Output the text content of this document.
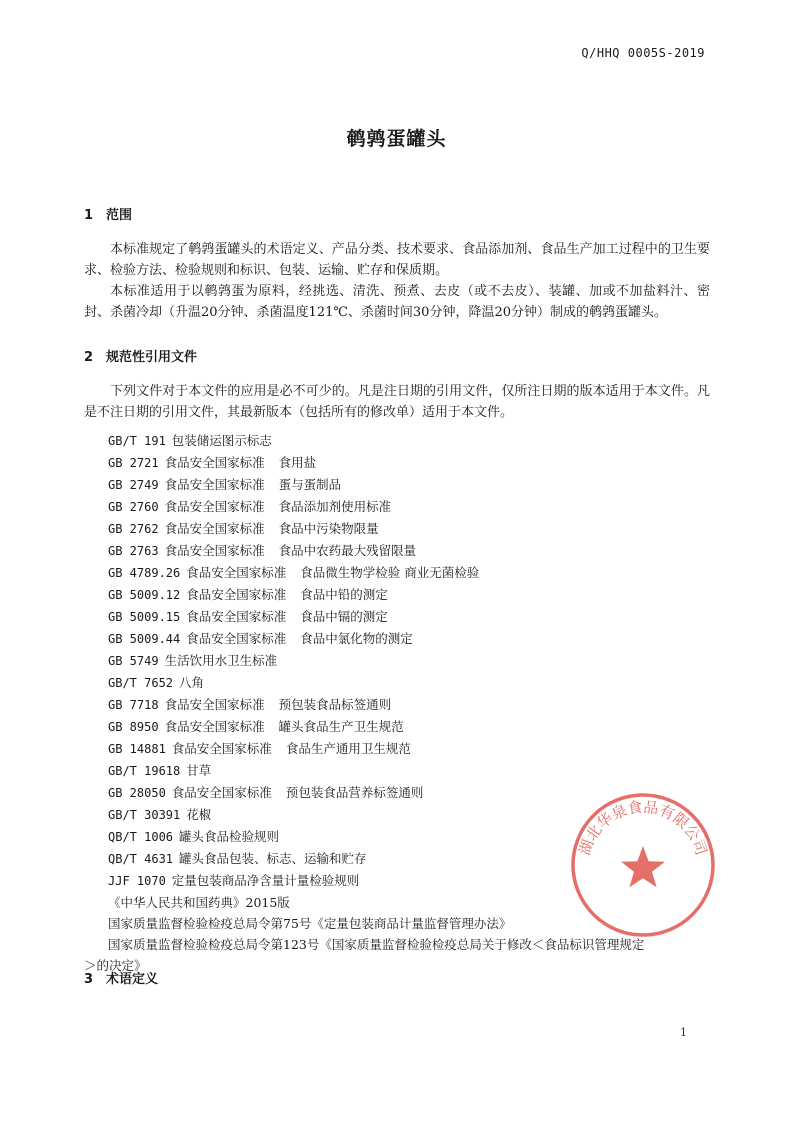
Q/HHQ 0005S-2019
鹌鹑蛋罐头
1 范围

本标准规定了鹌鹑蛋罐头的术语定义、产品分类、技术要求、食品添加剂、食品生产加工过程中的卫生要求、检验方法、检验规则和标识、包装、运输、贮存和保质期。

本标准适用于以鹌鹑蛋为原料，经挑选、清洗、预煮、去皮（或不去皮）、装罐、加或不加盐料汁、密封、杀菌冷却（升温20分钟、杀菌温度121℃、杀菌时间30分钟，降温20分钟）制成的鹌鹑蛋罐头。

2 规范性引用文件

下列文件对于本文件的应用是必不可少的。凡是注日期的引用文件，仅所注日期的版本适用于本文件。凡是不注日期的引用文件，其最新版本（包括所有的修改单）适用于本文件。

GB/T 191 包装储运图示标志
GB 2721 食品安全国家标准 食用盐
GB 2749 食品安全国家标准 蛋与蛋制品
GB 2760 食品安全国家标准 食品添加剂使用标准
GB 2762 食品安全国家标准 食品中污染物限量
GB 2763 食品安全国家标准 食品中农药最大残留限量
GB 4789.26 食品安全国家标准 食品微生物学检验 商业无菌检验
GB 5009.12 食品安全国家标准 食品中铅的测定
GB 5009.15 食品安全国家标准 食品中镉的测定
GB 5009.44 食品安全国家标准 食品中氯化物的测定
GB 5749 生活饮用水卫生标准
GB/T 7652 八角
GB 7718 食品安全国家标准 预包装食品标签通则
GB 8950 食品安全国家标准 罐头食品生产卫生规范
GB 14881 食品安全国家标准 食品生产通用卫生规范
GB/T 19618 甘草
GB 28050 食品安全国家标准 预包装食品营养标签通则
GB/T 30391 花椒
QB/T 1006 罐头食品检验规则
QB/T 4631 罐头食品包装、标志、运输和贮存
JJF 1070 定量包装商品净含量计量检验规则
《中华人民共和国药典》2015版
国家质量监督检验检疫总局令第75号《定量包装商品计量监督管理办法》
国家质量监督检验检疫总局令第123号《国家质量监督检验检疫总局关于修改＜食品标识管理规定
＞的决定》
3 术语定义
湖北华泉食品有限公司
1
